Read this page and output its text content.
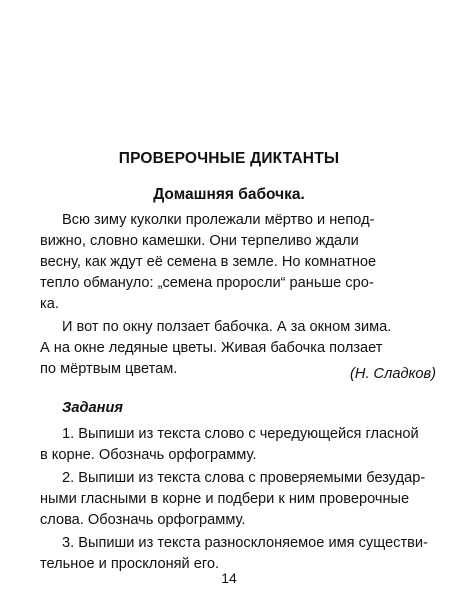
ПРОВЕРОЧНЫЕ ДИКТАНТЫ
Домашняя бабочка.
Всю зиму куколки пролежали мёртво и непод-
вижно, словно камешки. Они терпеливо ждали
весну, как ждут её семена в земле. Но комнатное
тепло обмануло: „семена проросли“ раньше сро-
ка.
И вот по окну ползает бабочка. А за окном зима.
А на окне ледяные цветы. Живая бабочка ползает
по мёртвым цветам.	(Н. Сладков)
Задания
1. Выпиши из текста слово с чередующейся гласной
в корне. Обозначь орфограмму.
2. Выпиши из текста слова с проверяемыми безудар-
ными гласными в корне и подбери к ним проверочные
слова. Обозначь орфограмму.
3. Выпиши из текста разносклоняемое имя существи-
тельное и просклоняй его.
14
